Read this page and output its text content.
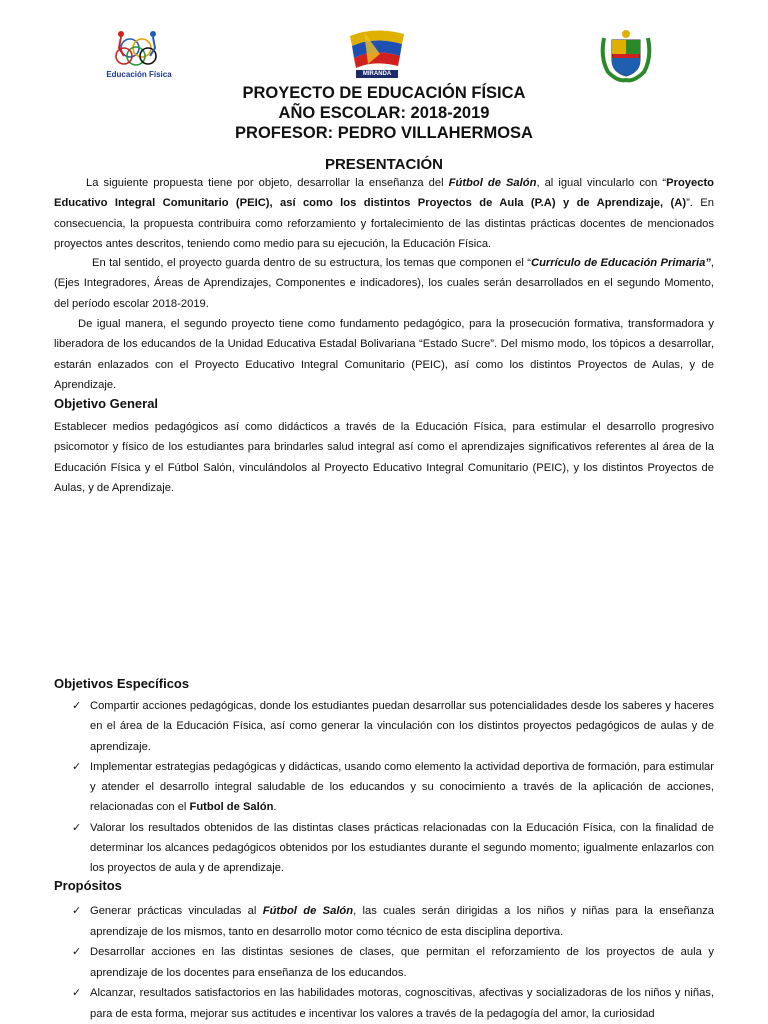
Educación Física	MIRANDA
PROYECTO DE EDUCACIÓN FÍSICA
AÑO ESCOLAR: 2018-2019
PROFESOR: PEDRO VILLAHERMOSA
PRESENTACIÓN

La siguiente propuesta tiene por objeto, desarrollar la enseñanza del Fútbol de Salón, al igual vincularlo con “Proyecto Educativo Integral Comunitario (PEIC), así como los distintos Proyectos de Aula (P.A) y de Aprendizaje, (A)”. En consecuencia, la propuesta contribuira como reforzamiento y fortalecimiento de las distintas prácticas docentes de mencionados proyectos antes descritos, teniendo como medio para su ejecución, la Educación Física.

En tal sentido, el proyecto guarda dentro de su estructura, los temas que componen el “Currículo de Educación Primaria”, (Ejes Integradores, Áreas de Aprendizajes, Componentes e indicadores), los cuales serán desarrollados en el segundo Momento, del período escolar 2018-2019.

De igual manera, el segundo proyecto tiene como fundamento pedagógico, para la prosecución formativa, transformadora y liberadora de los educandos de la Unidad Educativa Estadal Bolivariana “Estado Sucre”. Del mismo modo, los tópicos a desarrollar, estarán enlazados con el Proyecto Educativo Integral Comunitario (PEIC), así como los distintos Proyectos de Aulas, y de Aprendizaje.

Objetivo General

Establecer medios pedagógicos así como didácticos a través de la Educación Física, para estimular el desarrollo progresivo psicomotor y físico de los estudiantes para brindarles salud integral así como el aprendizajes significativos referentes al área de la Educación Física y el Fútbol Salón, vinculándolos al Proyecto Educativo Integral Comunitario (PEIC), y los distintos Proyectos de Aulas, y de Aprendizaje.

Objetivos Específicos
✓ Compartir acciones pedagógicas, donde los estudiantes puedan desarrollar sus potencialidades desde los saberes y haceres en el área de la Educación Física, así como generar la vinculación con los distintos proyectos pedagógicos de aulas y de aprendizaje.
✓ Implementar estrategias pedagógicas y didácticas, usando como elemento la actividad deportiva de formación, para estimular y atender el desarrollo integral saludable de los educandos y su conocimiento a través de la aplicación de acciones, relacionadas con el Futbol de Salón.
✓ Valorar los resultados obtenidos de las distintas clases prácticas relacionadas con la Educación Física, con la finalidad de determinar los alcances pedagógicos obtenidos por los estudiantes durante el segundo momento; igualmente enlazarlos con los proyectos de aula y de aprendizaje.
Propósitos
✓ Generar prácticas vinculadas al Fútbol de Salón, las cuales serán dirigidas a los niños y niñas para la enseñanza aprendizaje de los mismos, tanto en desarrollo motor como técnico de esta disciplina deportiva.
✓ Desarrollar acciones en las distintas sesiones de clases, que permitan el reforzamiento de los proyectos de aula y aprendizaje de los docentes para enseñanza de los educandos.
✓ Alcanzar, resultados satisfactorios en las habilidades motoras, cognoscitivas, afectivas y socializadoras de los niños y niñas, para de esta forma, mejorar sus actitudes e incentivar los valores a través de la pedagogía del amor, la curiosidad
